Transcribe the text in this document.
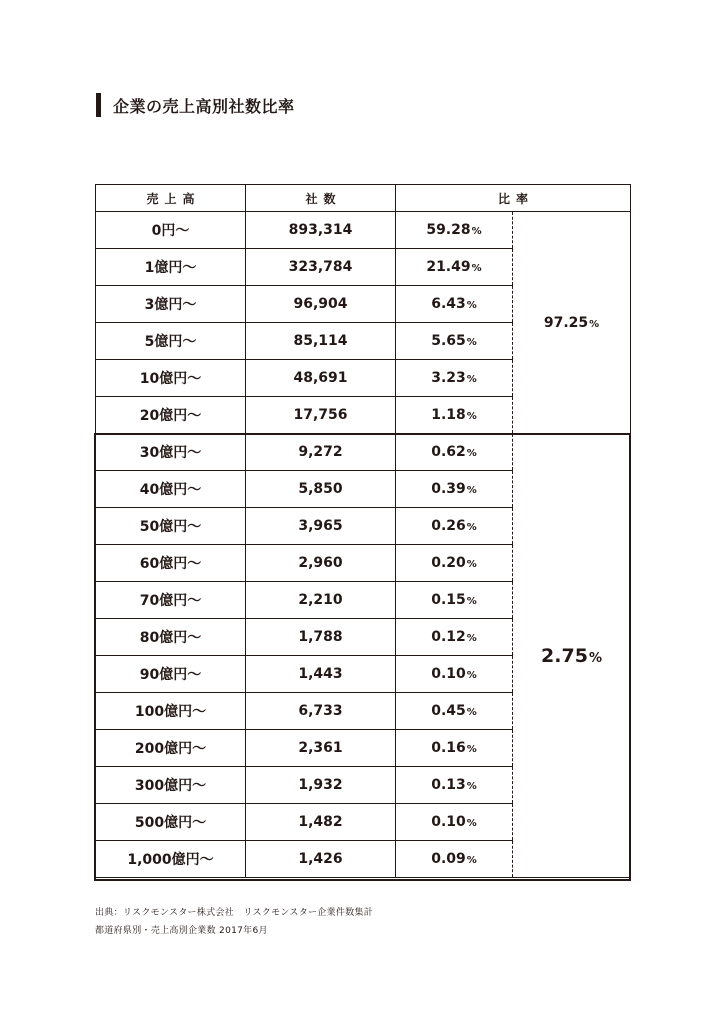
企業の売上高別社数比率
売上高	社数	比率	
0円〜	893,314	59.28%	97.25%
1億円〜	323,784	21.49%	
3億円〜	96,904	6.43%	
5億円〜	85,114	5.65%	
10億円〜	48,691	3.23%	
20億円〜	17,756	1.18%	
30億円〜	9,272	0.62%	2.75%
40億円〜	5,850	0.39%	
50億円〜	3,965	0.26%	
60億円〜	2,960	0.20%	
70億円〜	2,210	0.15%	
80億円〜	1,788	0.12%	
90億円〜	1,443	0.10%	
100億円〜	6,733	0.45%	
200億円〜	2,361	0.16%	
300億円〜	1,932	0.13%	
500億円〜	1,482	0.10%	
1,000億円〜	1,426	0.09%	
出典：リスクモンスター株式会社　リスクモンスター企業件数集計
都道府県別・売上高別企業数 2017年6月
